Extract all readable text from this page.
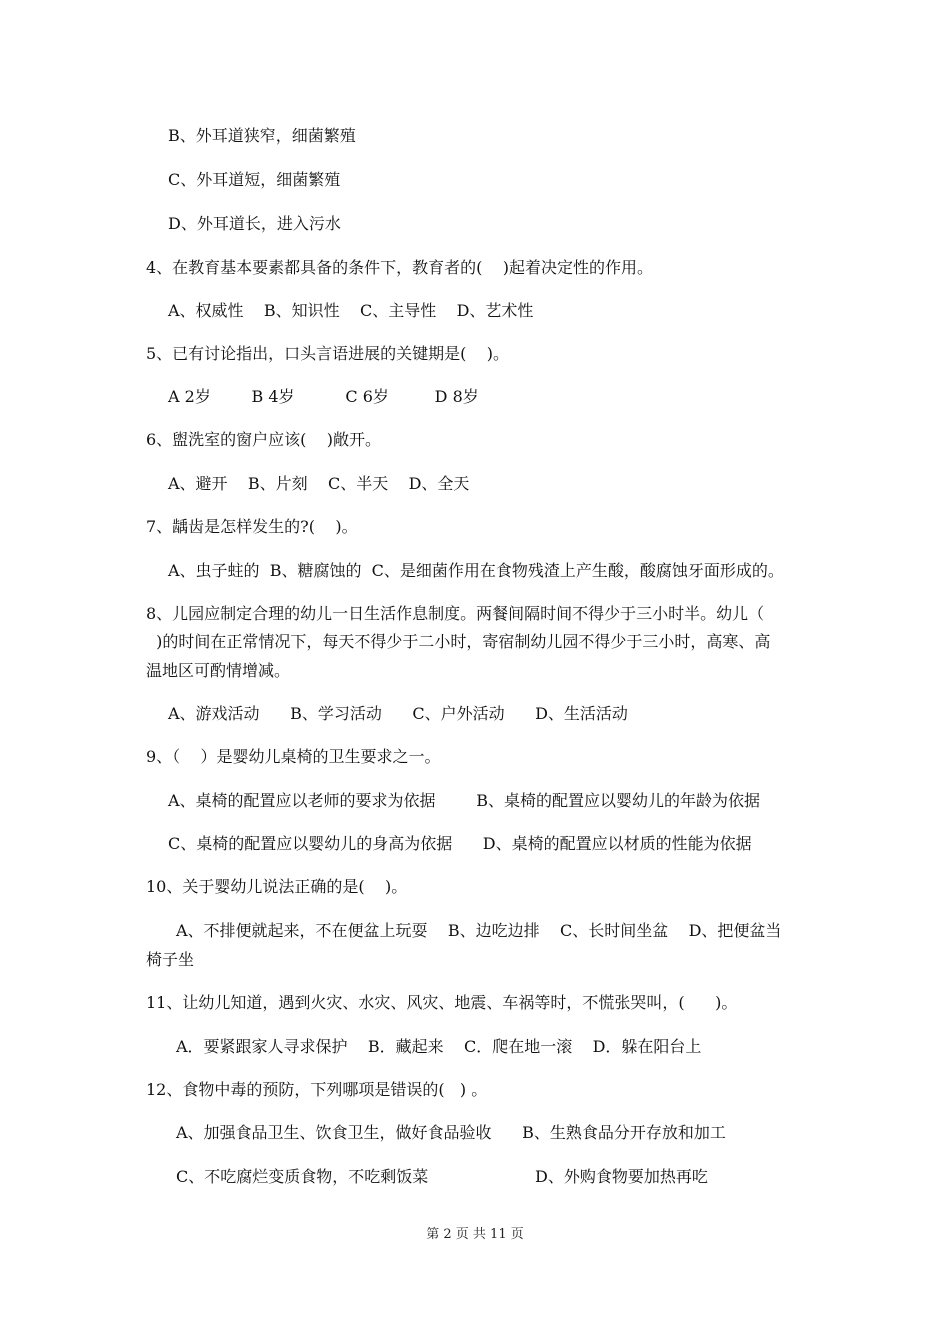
B、外耳道狭窄，细菌繁殖
C、外耳道短，细菌繁殖
D、外耳道长，进入污水
4、在教育基本要素都具备的条件下，教育者的(    )起着决定性的作用。
A、权威性    B、知识性    C、主导性    D、艺术性
5、已有讨论指出，口头言语进展的关键期是(    )。
A 2岁        B 4岁          C 6岁         D 8岁
6、盥洗室的窗户应该(    )敞开。
A、避开    B、片刻    C、半天    D、全天
7、龋齿是怎样发生的?(    )。
A、虫子蛀的  B、糖腐蚀的  C、是细菌作用在食物残渣上产生酸，酸腐蚀牙面形成的。
8、儿园应制定合理的幼儿一日生活作息制度。两餐间隔时间不得少于三小时半。幼儿（
)的时间在正常情况下，每天不得少于二小时，寄宿制幼儿园不得少于三小时，高寒、高
温地区可酌情增减。
A、游戏活动      B、学习活动      C、户外活动      D、生活活动
9、（    ）是婴幼儿桌椅的卫生要求之一。
A、桌椅的配置应以老师的要求为依据        B、桌椅的配置应以婴幼儿的年龄为依据
C、桌椅的配置应以婴幼儿的身高为依据      D、桌椅的配置应以材质的性能为依据
10、关于婴幼儿说法正确的是(    )。
A、不排便就起来，不在便盆上玩耍    B、边吃边排    C、长时间坐盆    D、把便盆当
椅子坐
11、让幼儿知道，遇到火灾、水灾、风灾、地震、车祸等时，不慌张哭叫，(      )。
A．要紧跟家人寻求保护    B．藏起来    C．爬在地一滚    D．躲在阳台上
12、食物中毒的预防，下列哪项是错误的(   ) 。
A、加强食品卫生、饮食卫生，做好食品验收      B、生熟食品分开存放和加工
C、不吃腐烂变质食物，不吃剩饭菜                     D、外购食物要加热再吃
第 2 页 共 11 页
